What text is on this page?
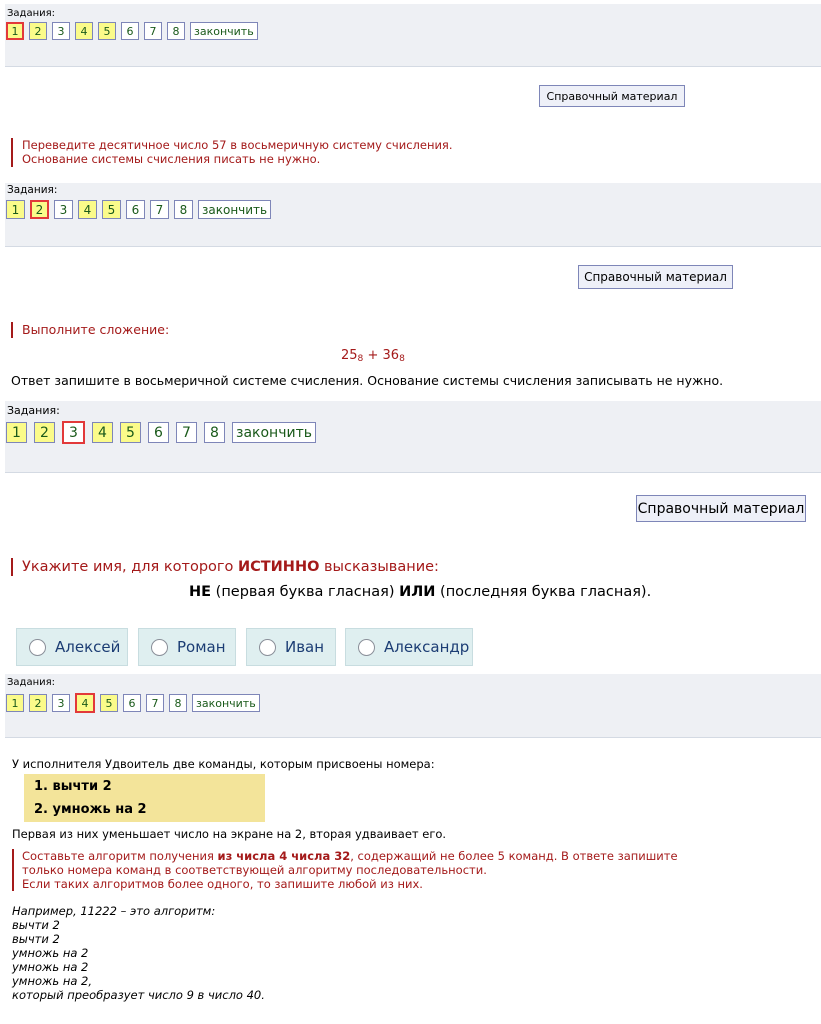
Задания:
1	2	3	4	5	6	7	8	закончить
Справочный материал
Переведите десятичное число 57 в восьмеричную систему счисления.
Основание системы счисления писать не нужно.
Задания:
1	2	3	4	5	6	7	8	закончить
Справочный материал
Выполните сложение:
$25_8 + 36_8$
Ответ запишите в восьмеричной системе счисления. Основание системы счисления записывать не нужно.
Задания:
1	2	3	4	5	6	7	8	закончить
Справочный материал
Укажите имя, для которого ИСТИННО высказывание:
НЕ (первая буква гласная) ИЛИ (последняя буква гласная).
Алексей	Роман	Иван	Александр
Задания:
1	2	3	4	5	6	7	8	закончить
У исполнителя Удвоитель две команды, которым присвоены номера:
1. вычти 2
2. умножь на 2
Первая из них уменьшает число на экране на 2, вторая удваивает его.
Составьте алгоритм получения из числа 4 числа 32, содержащий не более 5 команд. В ответе запишите
только номера команд в соответствующей алгоритму последовательности.
Если таких алгоритмов более одного, то запишите любой из них.
Например, 11222 – это алгоритм:
вычти 2
вычти 2
умножь на 2
умножь на 2
умножь на 2,
который преобразует число 9 в число 40.
